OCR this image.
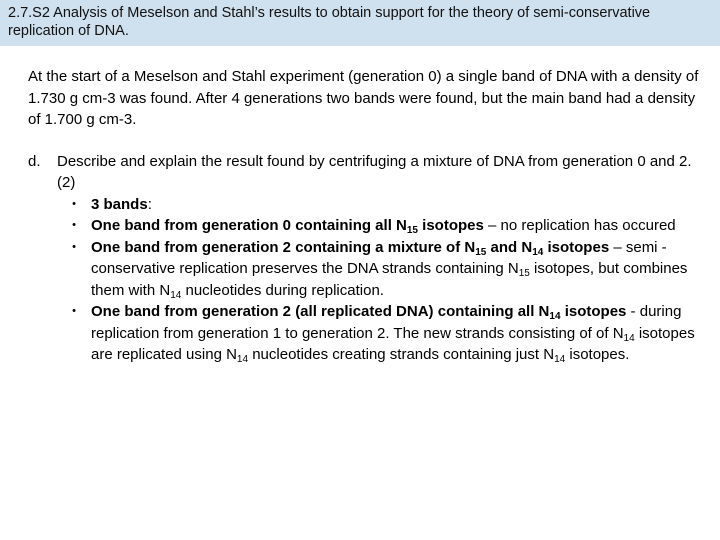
2.7.S2 Analysis of Meselson and Stahl’s results to obtain support for the theory of semi-conservative replication of DNA.

At the start of a Meselson and Stahl experiment (generation 0) a single band of DNA with a density of 1.730 g cm-3 was found. After 4 generations two bands were found, but the main band had a density of 1.700 g cm-3.

d.	Describe and explain the result found by centrifuging a mixture of DNA from generation 0 and 2. (2)
•	3 bands:
•	One band from generation 0 containing all $N_{15}$ isotopes – no replication has occured
•	One band from generation 2 containing a mixture of $N_{15}$ and $N_{14}$ isotopes – semi -conservative replication preserves the DNA strands containing $N_{15}$ isotopes, but combines them with $N_{14}$ nucleotides during replication.
•	One band from generation 2 (all replicated DNA) containing all $N_{14}$ isotopes - during replication from generation 1 to generation 2. The new strands consisting of of $N_{14}$ isotopes are replicated using $N_{14}$ nucleotides creating strands containing just $N_{14}$ isotopes.
